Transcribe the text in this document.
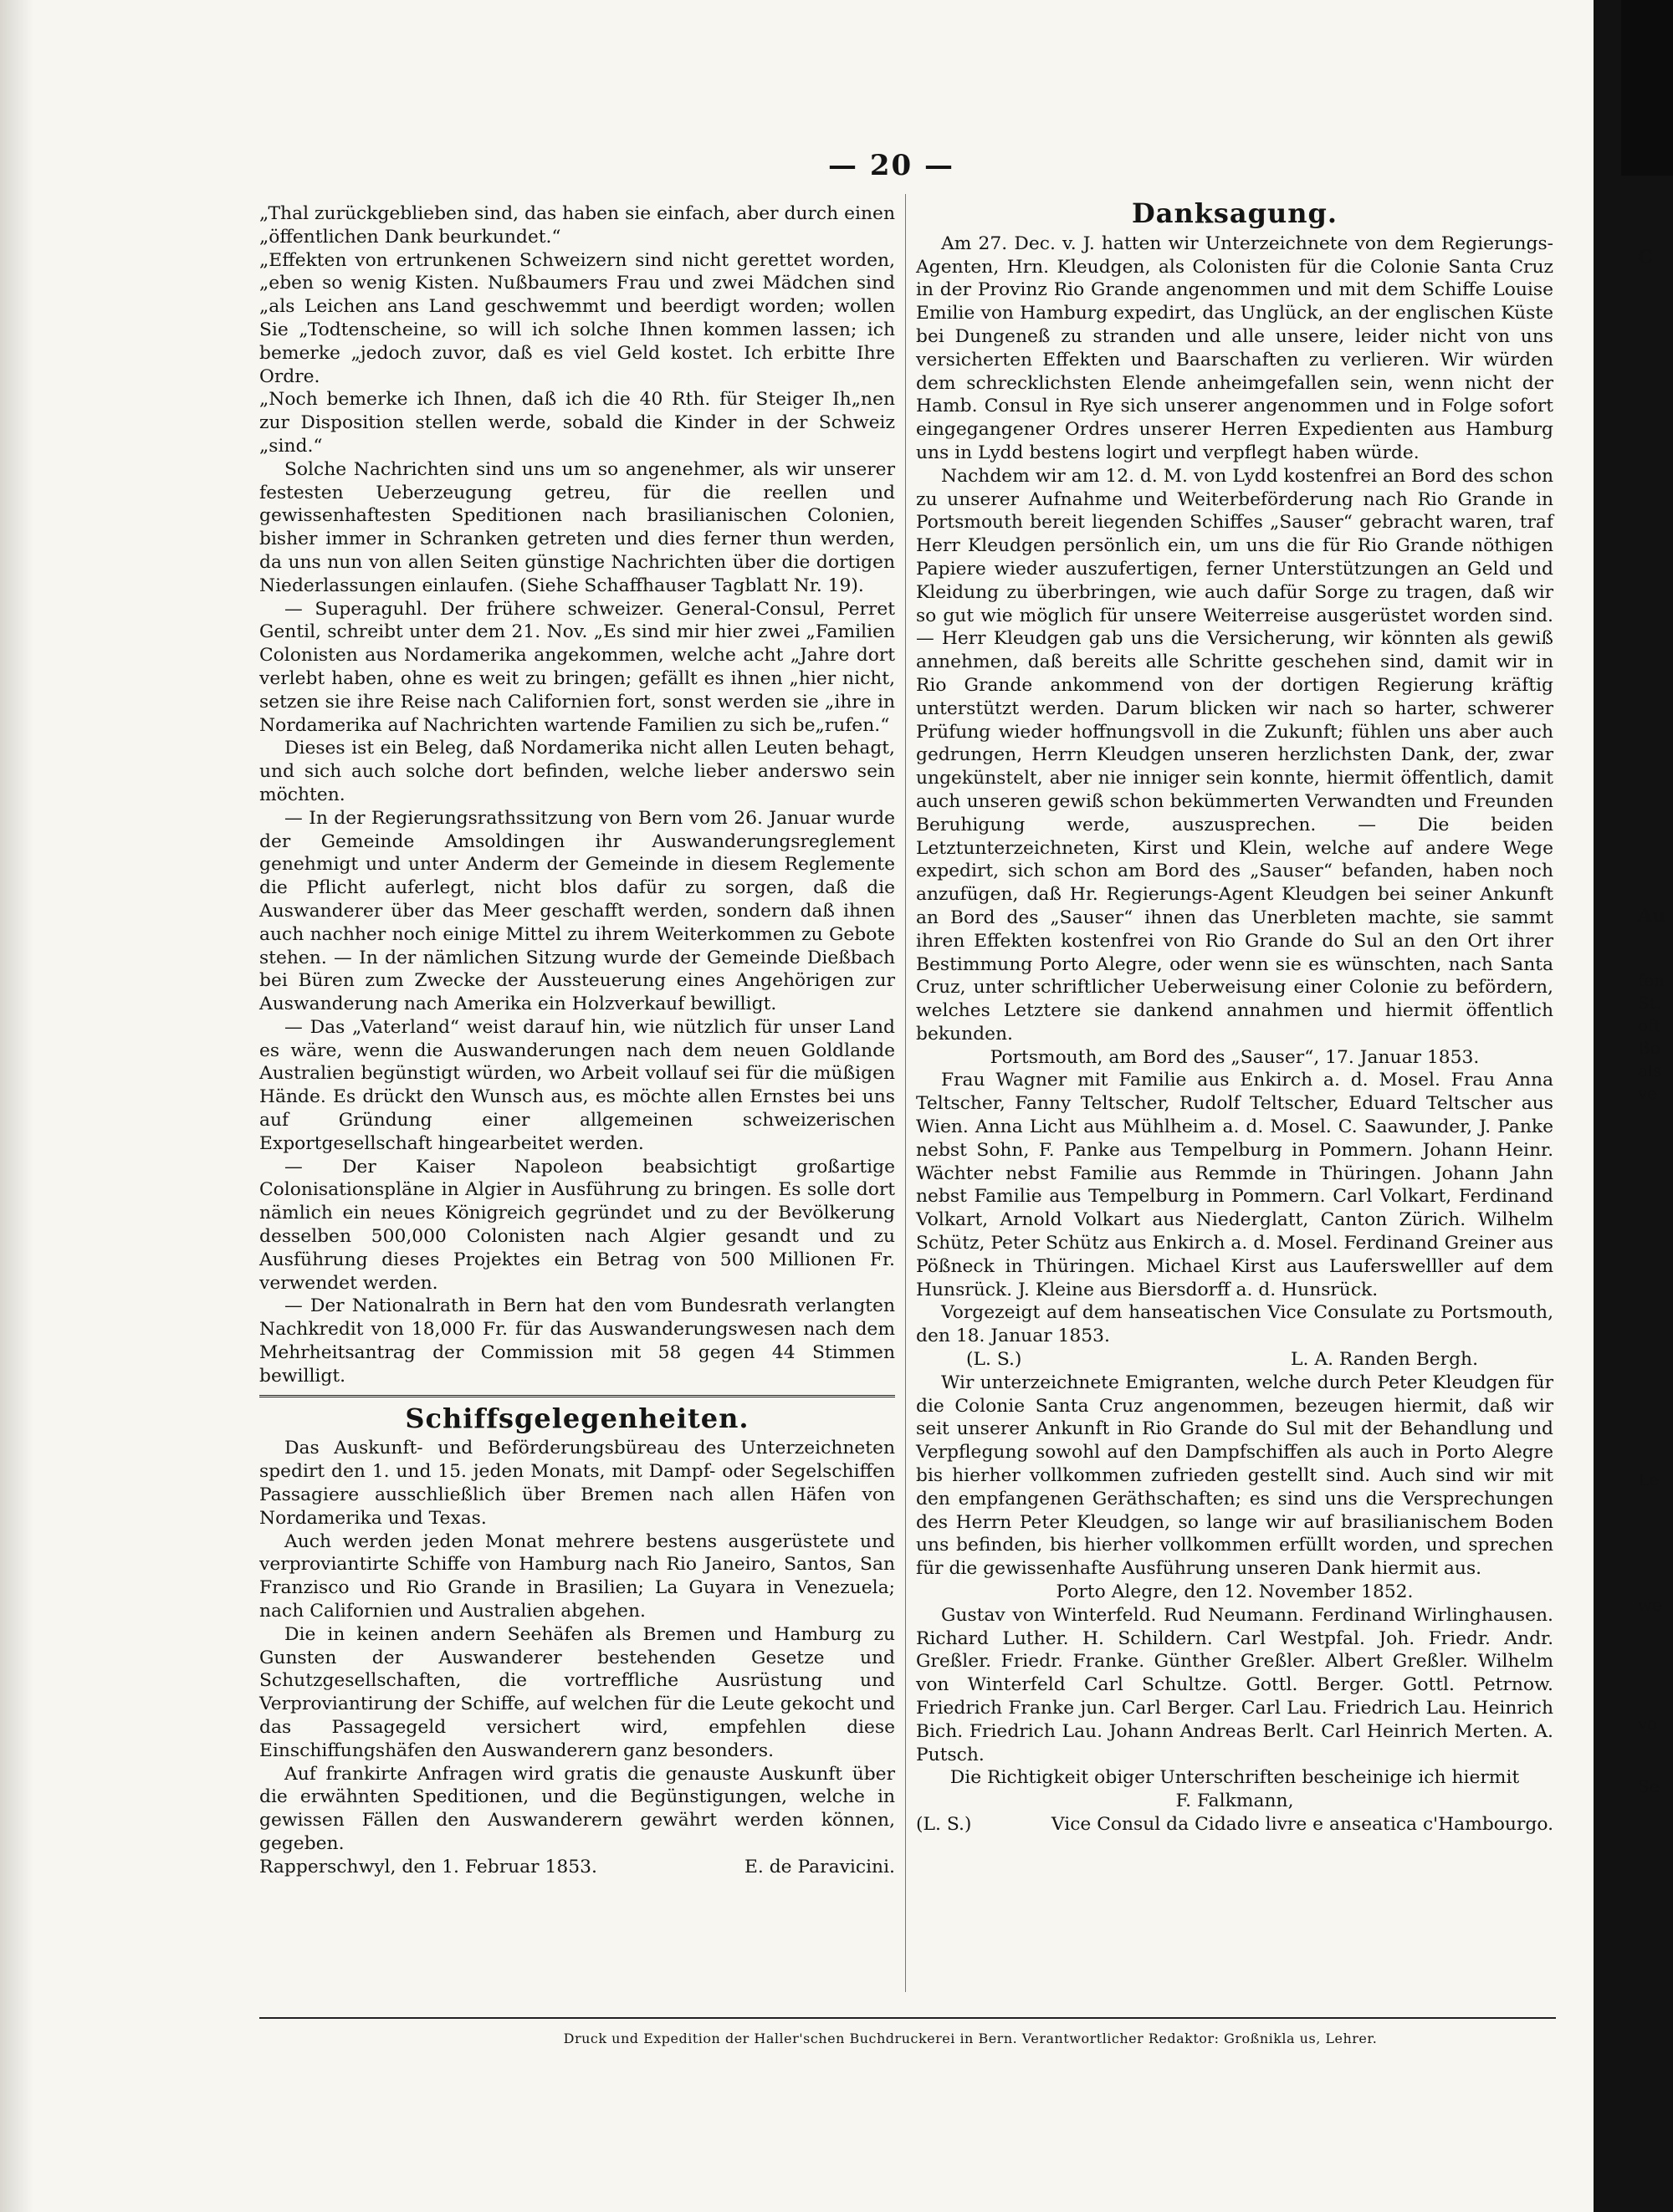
— 20 —

„Thal zurückgeblieben sind, das haben sie einfach, aber durch einen „öffentlichen Dank beurkundet.“

„Effekten von ertrunkenen Schweizern sind nicht gerettet worden, „eben so wenig Kisten. Nußbaumers Frau und zwei Mädchen sind „als Leichen ans Land geschwemmt und beerdigt worden; wollen Sie „Todtenscheine, so will ich solche Ihnen kommen lassen; ich bemerke „jedoch zuvor, daß es viel Geld kostet. Ich erbitte Ihre Ordre.

„Noch bemerke ich Ihnen, daß ich die 40 Rth. für Steiger Ih„nen zur Disposition stellen werde, sobald die Kinder in der Schweiz „sind.“

Solche Nachrichten sind uns um so angenehmer, als wir unserer festesten Ueberzeugung getreu, für die reellen und gewissenhaftesten Speditionen nach brasilianischen Colonien, bisher immer in Schranken getreten und dies ferner thun werden, da uns nun von allen Seiten günstige Nachrichten über die dortigen Niederlassungen einlaufen. (Siehe Schaffhauser Tagblatt Nr. 19).

— Superaguhl. Der frühere schweizer. General-Consul, Perret Gentil, schreibt unter dem 21. Nov. „Es sind mir hier zwei „Familien Colonisten aus Nordamerika angekommen, welche acht „Jahre dort verlebt haben, ohne es weit zu bringen; gefällt es ihnen „hier nicht, setzen sie ihre Reise nach Californien fort, sonst werden sie „ihre in Nordamerika auf Nachrichten wartende Familien zu sich be„rufen.“

Dieses ist ein Beleg, daß Nordamerika nicht allen Leuten behagt, und sich auch solche dort befinden, welche lieber anderswo sein möchten.

— In der Regierungsrathssitzung von Bern vom 26. Januar wurde der Gemeinde Amsoldingen ihr Auswanderungsreglement genehmigt und unter Anderm der Gemeinde in diesem Reglemente die Pflicht auferlegt, nicht blos dafür zu sorgen, daß die Auswanderer über das Meer geschafft werden, sondern daß ihnen auch nachher noch einige Mittel zu ihrem Weiterkommen zu Gebote stehen. — In der nämlichen Sitzung wurde der Gemeinde Dießbach bei Büren zum Zwecke der Aussteuerung eines Angehörigen zur Auswanderung nach Amerika ein Holzverkauf bewilligt.

— Das „Vaterland“ weist darauf hin, wie nützlich für unser Land es wäre, wenn die Auswanderungen nach dem neuen Goldlande Australien begünstigt würden, wo Arbeit vollauf sei für die müßigen Hände. Es drückt den Wunsch aus, es möchte allen Ernstes bei uns auf Gründung einer allgemeinen schweizerischen Exportgesellschaft hingearbeitet werden.

— Der Kaiser Napoleon beabsichtigt großartige Colonisationspläne in Algier in Ausführung zu bringen. Es solle dort nämlich ein neues Königreich gegründet und zu der Bevölkerung desselben 500,000 Colonisten nach Algier gesandt und zu Ausführung dieses Projektes ein Betrag von 500 Millionen Fr. verwendet werden.

— Der Nationalrath in Bern hat den vom Bundesrath verlangten Nachkredit von 18,000 Fr. für das Auswanderungswesen nach dem Mehrheitsantrag der Commission mit 58 gegen 44 Stimmen bewilligt.

Schiffsgelegenheiten.

Das Auskunft- und Beförderungsbüreau des Unterzeichneten spedirt den 1. und 15. jeden Monats, mit Dampf- oder Segelschiffen Passagiere ausschließlich über Bremen nach allen Häfen von Nordamerika und Texas.

Auch werden jeden Monat mehrere bestens ausgerüstete und verproviantirte Schiffe von Hamburg nach Rio Janeiro, Santos, San Franzisco und Rio Grande in Brasilien; La Guyara in Venezuela; nach Californien und Australien abgehen.

Die in keinen andern Seehäfen als Bremen und Hamburg zu Gunsten der Auswanderer bestehenden Gesetze und Schutzgesellschaften, die vortreffliche Ausrüstung und Verproviantirung der Schiffe, auf welchen für die Leute gekocht und das Passagegeld versichert wird, empfehlen diese Einschiffungshäfen den Auswanderern ganz besonders.

Auf frankirte Anfragen wird gratis die genauste Auskunft über die erwähnten Speditionen, und die Begünstigungen, welche in gewissen Fällen den Auswanderern gewährt werden können, gegeben.

Rapperschwyl, den 1. Februar 1853.	E. de Paravicini.
Danksagung.

Am 27. Dec. v. J. hatten wir Unterzeichnete von dem Regierungs-Agenten, Hrn. Kleudgen, als Colonisten für die Colonie Santa Cruz in der Provinz Rio Grande angenommen und mit dem Schiffe Louise Emilie von Hamburg expedirt, das Unglück, an der englischen Küste bei Dungeneß zu stranden und alle unsere, leider nicht von uns versicherten Effekten und Baarschaften zu verlieren. Wir würden dem schrecklichsten Elende anheimgefallen sein, wenn nicht der Hamb. Consul in Rye sich unserer angenommen und in Folge sofort eingegangener Ordres unserer Herren Expedienten aus Hamburg uns in Lydd bestens logirt und verpflegt haben würde.

Nachdem wir am 12. d. M. von Lydd kostenfrei an Bord des schon zu unserer Aufnahme und Weiterbeförderung nach Rio Grande in Portsmouth bereit liegenden Schiffes „Sauser“ gebracht waren, traf Herr Kleudgen persönlich ein, um uns die für Rio Grande nöthigen Papiere wieder auszufertigen, ferner Unterstützungen an Geld und Kleidung zu überbringen, wie auch dafür Sorge zu tragen, daß wir so gut wie möglich für unsere Weiterreise ausgerüstet worden sind. — Herr Kleudgen gab uns die Versicherung, wir könnten als gewiß annehmen, daß bereits alle Schritte geschehen sind, damit wir in Rio Grande ankommend von der dortigen Regierung kräftig unterstützt werden. Darum blicken wir nach so harter, schwerer Prüfung wieder hoffnungsvoll in die Zukunft; fühlen uns aber auch gedrungen, Herrn Kleudgen unseren herzlichsten Dank, der, zwar ungekünstelt, aber nie inniger sein konnte, hiermit öffentlich, damit auch unseren gewiß schon bekümmerten Verwandten und Freunden Beruhigung werde, auszusprechen. — Die beiden Letztunterzeichneten, Kirst und Klein, welche auf andere Wege expedirt, sich schon am Bord des „Sauser“ befanden, haben noch anzufügen, daß Hr. Regierungs-Agent Kleudgen bei seiner Ankunft an Bord des „Sauser“ ihnen das Unerbleten machte, sie sammt ihren Effekten kostenfrei von Rio Grande do Sul an den Ort ihrer Bestimmung Porto Alegre, oder wenn sie es wünschten, nach Santa Cruz, unter schriftlicher Ueberweisung einer Colonie zu befördern, welches Letztere sie dankend annahmen und hiermit öffentlich bekunden.

Portsmouth, am Bord des „Sauser“, 17. Januar 1853.

Frau Wagner mit Familie aus Enkirch a. d. Mosel. Frau Anna Teltscher, Fanny Teltscher, Rudolf Teltscher, Eduard Teltscher aus Wien. Anna Licht aus Mühlheim a. d. Mosel. C. Saawunder, J. Panke nebst Sohn, F. Panke aus Tempelburg in Pommern. Johann Heinr. Wächter nebst Familie aus Remmde in Thüringen. Johann Jahn nebst Familie aus Tempelburg in Pommern. Carl Volkart, Ferdinand Volkart, Arnold Volkart aus Niederglatt, Canton Zürich. Wilhelm Schütz, Peter Schütz aus Enkirch a. d. Mosel. Ferdinand Greiner aus Pößneck in Thüringen. Michael Kirst aus Lauferswelller auf dem Hunsrück. J. Kleine aus Biersdorff a. d. Hunsrück.

Vorgezeigt auf dem hanseatischen Vice Consulate zu Portsmouth, den 18. Januar 1853.

(L. S.)	L. A. Randen Bergh.

Wir unterzeichnete Emigranten, welche durch Peter Kleudgen für die Colonie Santa Cruz angenommen, bezeugen hiermit, daß wir seit unserer Ankunft in Rio Grande do Sul mit der Behandlung und Verpflegung sowohl auf den Dampfschiffen als auch in Porto Alegre bis hierher vollkommen zufrieden gestellt sind. Auch sind wir mit den empfangenen Geräthschaften; es sind uns die Versprechungen des Herrn Peter Kleudgen, so lange wir auf brasilianischem Boden uns befinden, bis hierher vollkommen erfüllt worden, und sprechen für die gewissenhafte Ausführung unseren Dank hiermit aus.

Porto Alegre, den 12. November 1852.

Gustav von Winterfeld. Rud Neumann. Ferdinand Wirlinghausen. Richard Luther. H. Schildern. Carl Westpfal. Joh. Friedr. Andr. Greßler. Friedr. Franke. Günther Greßler. Albert Greßler. Wilhelm von Winterfeld Carl Schultze. Gottl. Berger. Gottl. Petrnow. Friedrich Franke jun. Carl Berger. Carl Lau. Friedrich Lau. Heinrich Bich. Friedrich Lau. Johann Andreas Berlt. Carl Heinrich Merten. A. Putsch.

Die Richtigkeit obiger Unterschriften bescheinige ich hiermit

F. Falkmann,

(L. S.)	Vice Consul da Cidado livre e anseatica c'Hambourgo.
Druck und Expedition der Haller'schen Buchdruckerei in Bern. Verantwortlicher Redaktor: Großnikla us, Lehrer.
C
Au
fen
St.
oft
Bo
als
ve
Le
we
vo
Se
